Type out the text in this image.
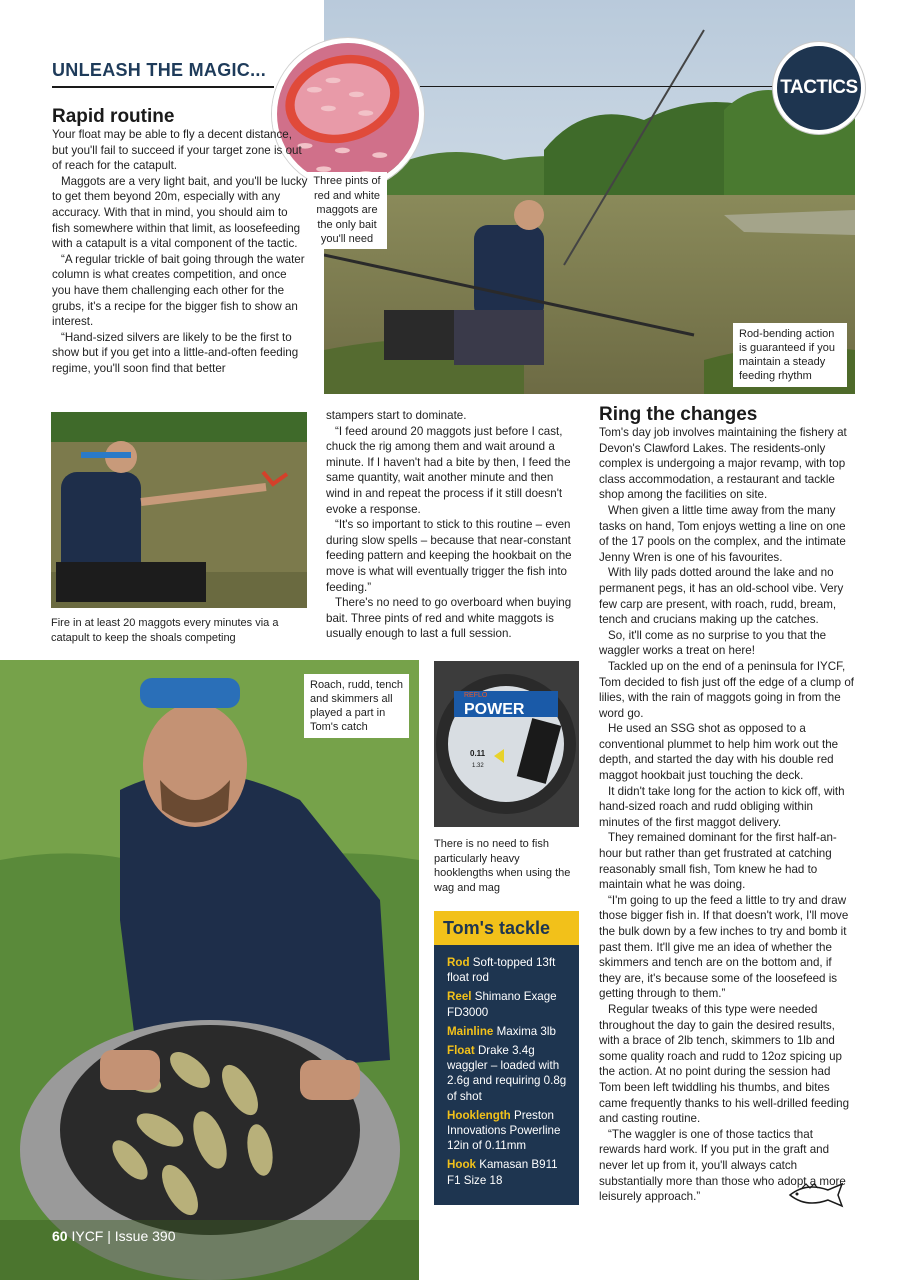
UNLEASH THE MAGIC...
TACTICS
Three pints of red and white maggots are the only bait you'll need
Rod-bending action is guaranteed if you maintain a steady feeding rhythm
Rapid routine

Your float may be able to fly a decent distance, but you'll fail to succeed if your target zone is out of reach for the catapult.

Maggots are a very light bait, and you'll be lucky to get them beyond 20m, especially with any accuracy. With that in mind, you should aim to fish somewhere within that limit, as loosefeeding with a catapult is a vital component of the tactic.

“A regular trickle of bait going through the water column is what creates competition, and once you have them challenging each other for the grubs, it's a recipe for the bigger fish to show an interest.

“Hand-sized silvers are likely to be the first to show but if you get into a little-and-often feeding regime, you'll soon find that better

Fire in at least 20 maggots every minutes via a catapult to keep the shoals competing

stampers start to dominate.

“I feed around 20 maggots just before I cast, chuck the rig among them and wait around a minute. If I haven't had a bite by then, I feed the same quantity, wait another minute and then wind in and repeat the process if it still doesn't evoke a response.

“It's so important to stick to this routine – even during slow spells – because that near-constant feeding pattern and keeping the hookbait on the move is what will eventually trigger the fish into feeding.”

There's no need to go overboard when buying bait. Three pints of red and white maggots is usually enough to last a full session.

Roach, rudd, tench and skimmers all played a part in Tom's catch
REFLO
POWER
0.11
1.32
There is no need to fish particularly heavy hooklengths when using the wag and mag
Tom's tackle
Rod Soft-topped 13ft float rod
Reel Shimano Exage FD3000
Mainline Maxima 3lb
Float Drake 3.4g waggler – loaded with 2.6g and requiring 0.8g of shot
Hooklength Preston Innovations Powerline 12in of 0.11mm
Hook Kamasan B911 F1 Size 18
Ring the changes

Tom's day job involves maintaining the fishery at Devon's Clawford Lakes. The residents-only complex is undergoing a major revamp, with top class accommodation, a restaurant and tackle shop among the facilities on site.

When given a little time away from the many tasks on hand, Tom enjoys wetting a line on one of the 17 pools on the complex, and the intimate Jenny Wren is one of his favourites.

With lily pads dotted around the lake and no permanent pegs, it has an old-school vibe. Very few carp are present, with roach, rudd, bream, tench and crucians making up the catches.

So, it'll come as no surprise to you that the waggler works a treat on here!

Tackled up on the end of a peninsula for IYCF, Tom decided to fish just off the edge of a clump of lilies, with the rain of maggots going in from the word go.

He used an SSG shot as opposed to a conventional plummet to help him work out the depth, and started the day with his double red maggot hookbait just touching the deck.

It didn't take long for the action to kick off, with hand-sized roach and rudd obliging within minutes of the first maggot delivery.

They remained dominant for the first half-an-hour but rather than get frustrated at catching reasonably small fish, Tom knew he had to maintain what he was doing.

“I'm going to up the feed a little to try and draw those bigger fish in. If that doesn't work, I'll move the bulk down by a few inches to try and bomb it past them. It'll give me an idea of whether the skimmers and tench are on the bottom and, if they are, it's because some of the loosefeed is getting through to them.”

Regular tweaks of this type were needed throughout the day to gain the desired results, with a brace of 2lb tench, skimmers to 1lb and some quality roach and rudd to 12oz spicing up the action. At no point during the session had Tom been left twiddling his thumbs, and bites came frequently thanks to his well-drilled feeding and casting routine.

“The waggler is one of those tactics that rewards hard work. If you put in the graft and never let up from it, you'll always catch substantially more than those who adopt a more leisurely approach.”

60 IYCF | Issue 390
